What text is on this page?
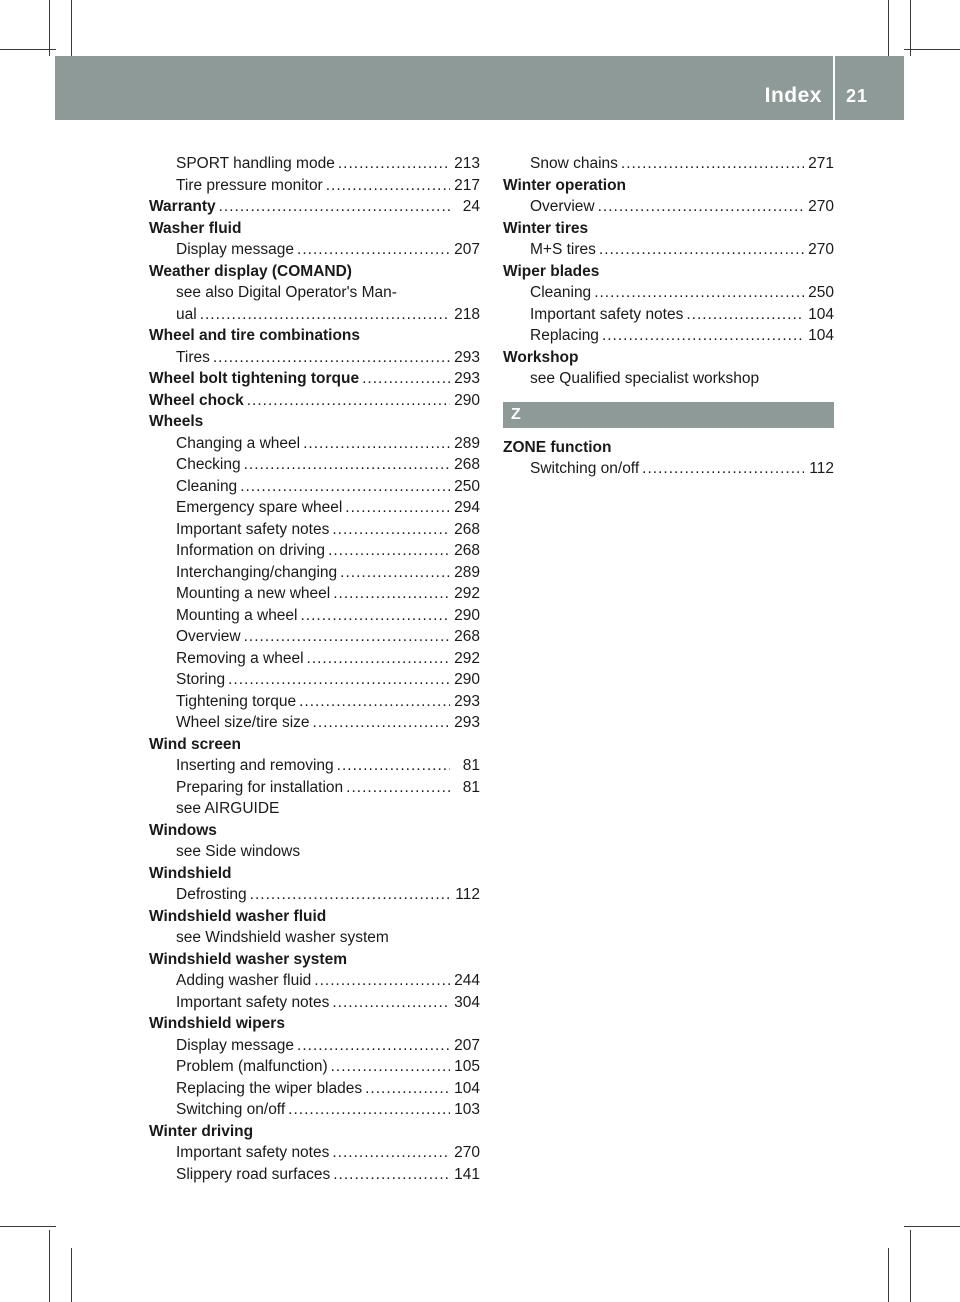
Index 21
SPORT handling mode .....	213
Tire pressure monitor .....	217
Warranty .....	24
Washer fluid
Display message .....	207
Weather display (COMAND)
see also Digital Operator's Man-
ual .....	218
Wheel and tire combinations
Tires .....	293
Wheel bolt tightening torque .....	293
Wheel chock .....	290
Wheels
Changing a wheel .....	289
Checking .....	268
Cleaning .....	250
Emergency spare wheel .....	294
Important safety notes .....	268
Information on driving .....	268
Interchanging/changing .....	289
Mounting a new wheel .....	292
Mounting a wheel .....	290
Overview .....	268
Removing a wheel .....	292
Storing .....	290
Tightening torque .....	293
Wheel size/tire size .....	293
Wind screen
Inserting and removing .....	81
Preparing for installation .....	81
see AIRGUIDE
Windows
see Side windows
Windshield
Defrosting .....	112
Windshield washer fluid
see Windshield washer system
Windshield washer system
Adding washer fluid .....	244
Important safety notes .....	304
Windshield wipers
Display message .....	207
Problem (malfunction) .....	105
Replacing the wiper blades .....	104
Switching on/off .....	103
Winter driving
Important safety notes .....	270
Slippery road surfaces .....	141
Snow chains .....	271
Winter operation
Overview .....	270
Winter tires
M+S tires .....	270
Wiper blades
Cleaning .....	250
Important safety notes .....	104
Replacing .....	104
Workshop
see Qualified specialist workshop
Z
ZONE function
Switching on/off .....	112
